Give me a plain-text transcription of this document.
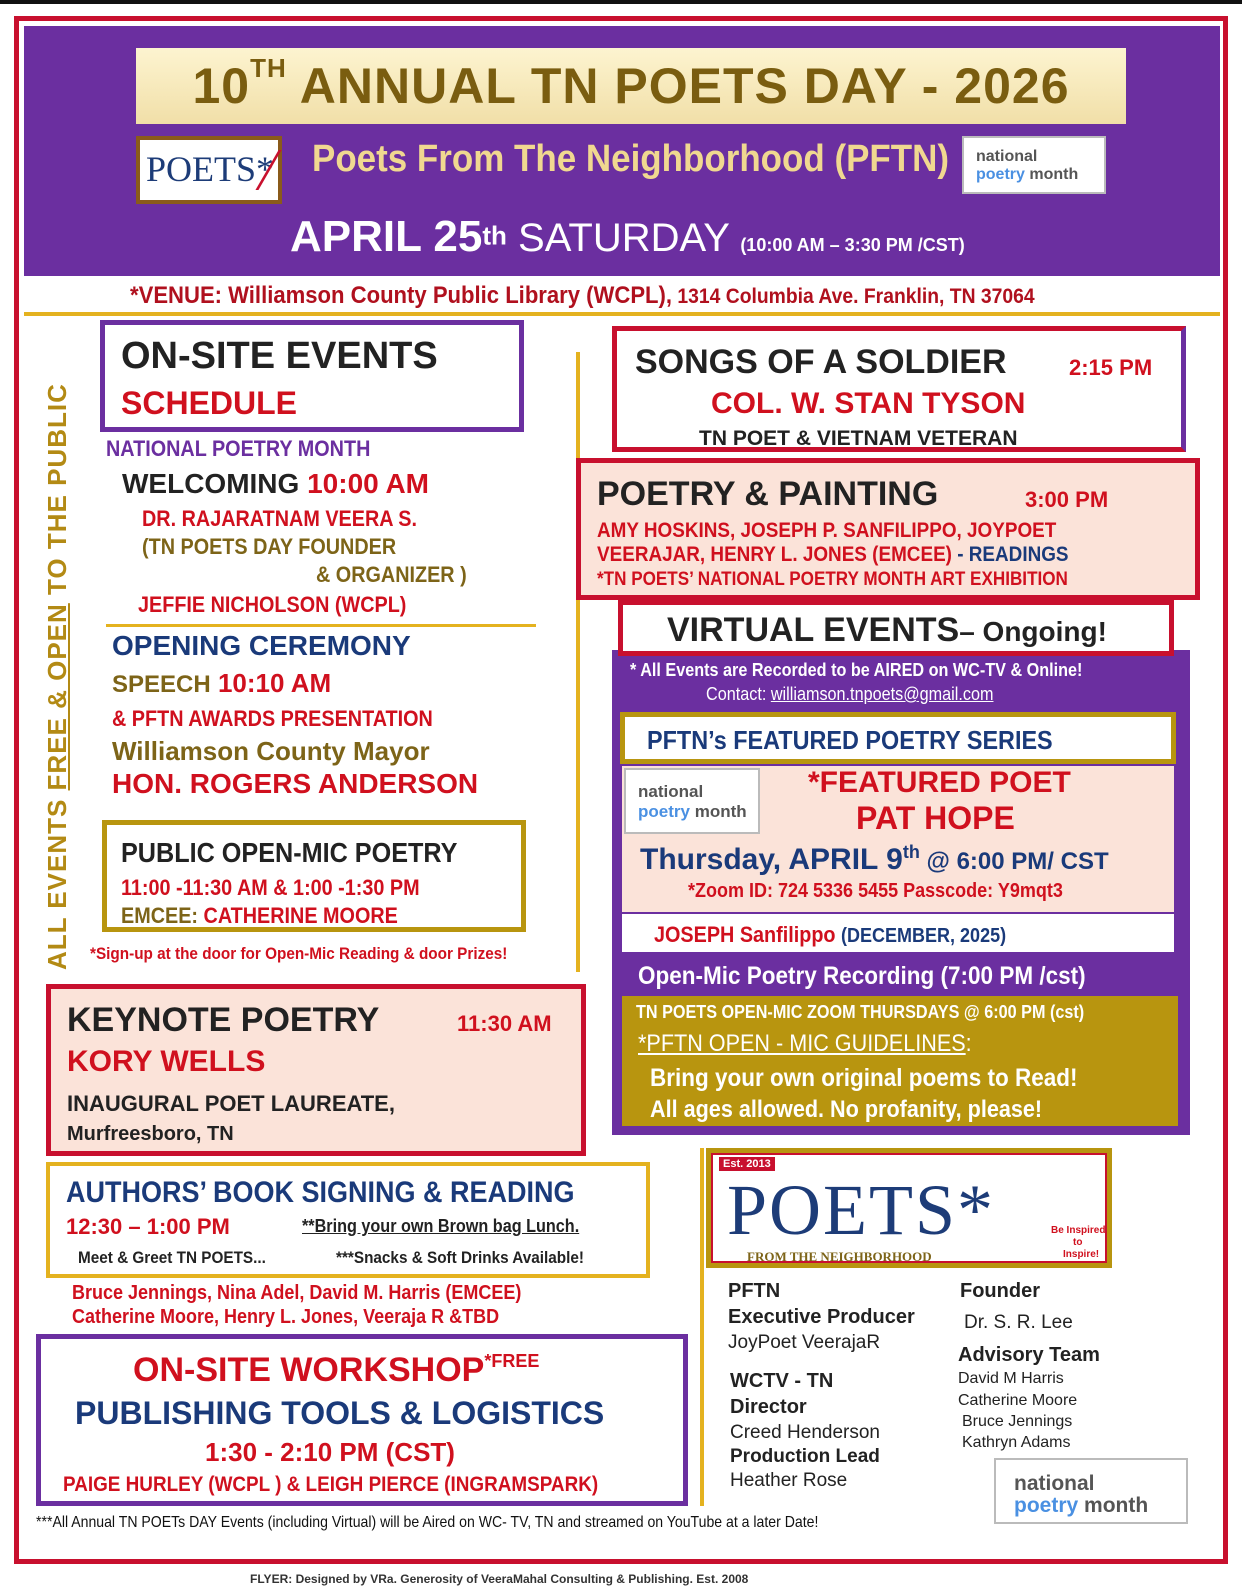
10TH ANNUAL TN POETS DAY - 2026
POETS* Poets From The Neighborhood (PFTN) national
poetry month
APRIL 25th SATURDAY (10:00 AM – 3:30 PM /CST)
*VENUE: Williamson County Public Library (WCPL), 1314 Columbia Ave. Franklin, TN 37064
ALL EVENTS FREE & OPEN TO THE PUBLIC
ON-SITE EVENTS
SCHEDULE
NATIONAL POETRY MONTH
WELCOMING 10:00 AM
DR. RAJARATNAM VEERA S.
(TN POETS DAY FOUNDER
& ORGANIZER )
JEFFIE NICHOLSON (WCPL)
OPENING CEREMONY
SPEECH 10:10 AM
& PFTN AWARDS PRESENTATION
Williamson County Mayor
HON. ROGERS ANDERSON
PUBLIC OPEN-MIC POETRY
11:00 -11:30 AM & 1:00 -1:30 PM
EMCEE: CATHERINE MOORE
*Sign-up at the door for Open-Mic Reading & door Prizes!
KEYNOTE POETRY	11:30 AM
KORY WELLS
INAUGURAL POET LAUREATE,
Murfreesboro, TN
AUTHORS’ BOOK SIGNING & READING
12:30 – 1:00 PM	**Bring your own Brown bag Lunch.
Meet & Greet TN POETS...	***Snacks & Soft Drinks Available!
Bruce Jennings, Nina Adel, David M. Harris (EMCEE)
Catherine Moore, Henry L. Jones, Veeraja R &TBD
ON-SITE $WORKSHOP^{*FREE}$
PUBLISHING TOOLS & LOGISTICS
1:30 - 2:10 PM (CST)
PAIGE HURLEY (WCPL ) & LEIGH PIERCE (INGRAMSPARK)
SONGS OF A SOLDIER	2:15 PM
COL. W. STAN TYSON
TN POET & VIETNAM VETERAN
POETRY & PAINTING	3:00 PM
AMY HOSKINS, JOSEPH P. SANFILIPPO, JOYPOET
VEERAJAR, HENRY L. JONES (EMCEE) - READINGS
*TN POETS’ NATIONAL POETRY MONTH ART EXHIBITION
VIRTUAL EVENTS– Ongoing!
* All Events are Recorded to be AIRED on WC-TV & Online!
Contact: williamson.tnpoets@gmail.com
PFTN’s FEATURED POETRY SERIES
*FEATURED POET
PAT HOPE
Thursday, APRIL 9th @ 6:00 PM/ CST
*Zoom ID: 724 5336 5455 Passcode: Y9mqt3
national
poetry month
JOSEPH Sanfilippo (DECEMBER, 2025)
Open-Mic Poetry Recording (7:00 PM /cst)
TN POETS OPEN-MIC ZOOM THURSDAYS @ 6:00 PM (cst)
*PFTN OPEN - MIC GUIDELINES:
Bring your own original poems to Read!
All ages allowed. No profanity, please!
Est. 2013
POETS*
FROM THE NEIGHBORHOOD
Be Inspired
to
Inspire!
PFTN
Executive Producer
JoyPoet VeerajaR
WCTV - TN
Director
Creed Henderson
Production Lead
Heather Rose
Founder
Dr. S. R. Lee
Advisory Team
David M Harris
Catherine Moore
Bruce Jennings
Kathryn Adams
national
poetry month
***All Annual TN POETs DAY Events (including Virtual) will be Aired on WC- TV, TN and streamed on YouTube at a later Date!
FLYER: Designed by VRa. Generosity of VeeraMahal Consulting & Publishing. Est. 2008
